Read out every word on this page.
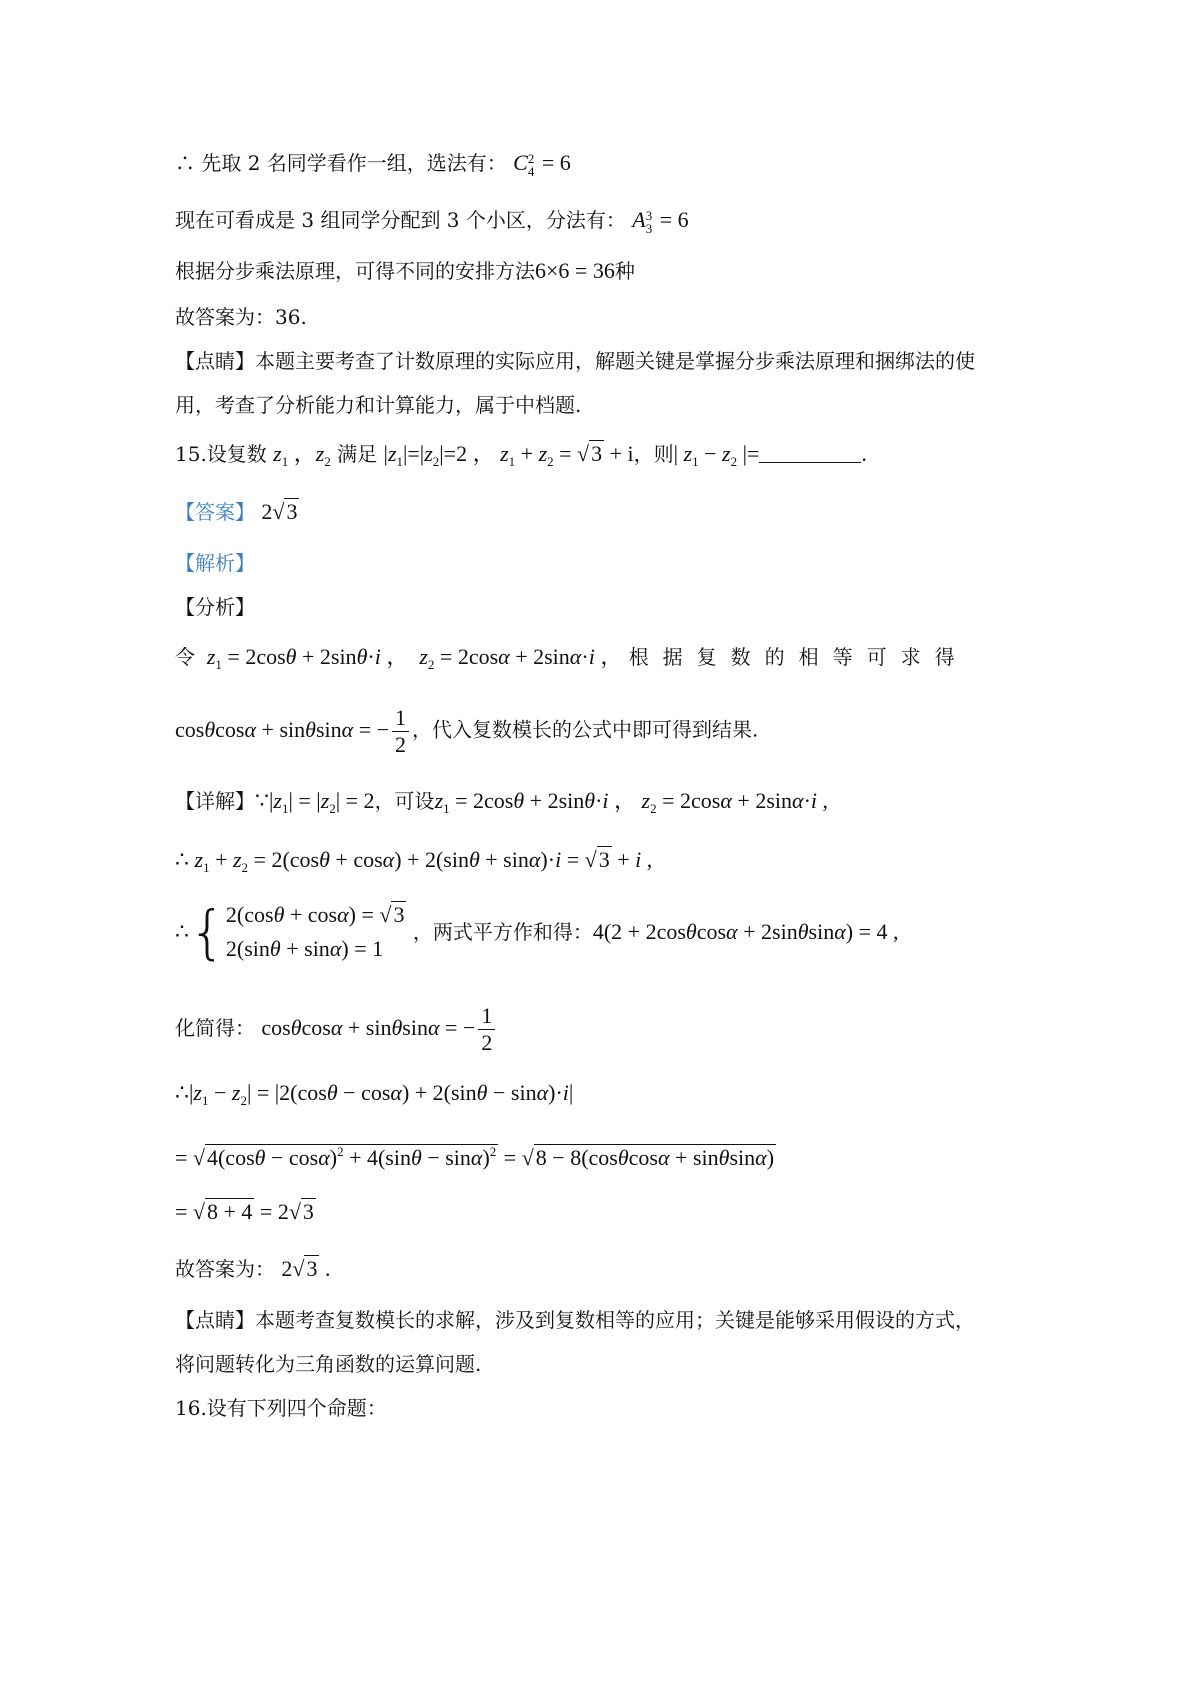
∴ 先取 2 名同学看作一组，选法有： C2
4 = 6
现在可看成是 3 组同学分配到 3 个小区，分法有： A3
3 = 6
根据分步乘法原理，可得不同的安排方法6×6 = 36种
故答案为：36.
【点睛】本题主要考查了计数原理的实际应用，解题关键是掌握分步乘法原理和捆绑法的使
用，考查了分析能力和计算能力，属于中档题.
15.设复数 $z_1$ ，$z_2$ 满足 $|z_1|=|z_2|=2$ ， $z_1 + z_2 = √3 + i$，则| $z_1 - z_2$ |=	.
【答案】 2√3
【解析】
【分析】
令 $z_1 = 2\cos\theta + 2\sin\theta\cdot i$ ，  $z_2 = 2\cos\alpha + 2\sin\alpha\cdot i$ ， 根据复数的相等可求得
cosθcosα + sinθsinα = − $\frac{1}{2}$ ，代入复数模长的公式中即可得到结果.
【详解】$\because|z_1| = |z_2| = 2$，可设$z_1 = 2\cos\theta + 2\sin\theta\cdot i$ ， $z_2 = 2\cos\alpha + 2\sin\alpha\cdot i$ ,
∴ $z_1 + z_2 = 2(\cos\theta + \cos\alpha) + 2(\sin\theta + \sin\alpha)\cdot i = √3 + i$ ,
∴{2(cosθ + cosα) = √3
2(sinθ + sinα) = 1 ，两式平方作和得：4(2 + 2cosθcosα + 2sinθsinα) = 4 ,
化简得： cosθcosα + sinθsinα = − $\frac{1}{2}$
$\therefore|z_1 - z_2| = |2(\cos\theta - \cos\alpha) + 2(\sin\theta - \sin\alpha)\cdot i|$
= $√4(\cos\theta - \cos\alpha)^2 + 4(\sin\theta - \sin\alpha)^2 = √8 - 8(\cos\theta\cos\alpha + \sin\theta\sin\alpha)$
= √8 + 4 = 2√3
故答案为： 2√3 .
【点睛】本题考查复数模长的求解，涉及到复数相等的应用；关键是能够采用假设的方式，
将问题转化为三角函数的运算问题.
16.设有下列四个命题：
